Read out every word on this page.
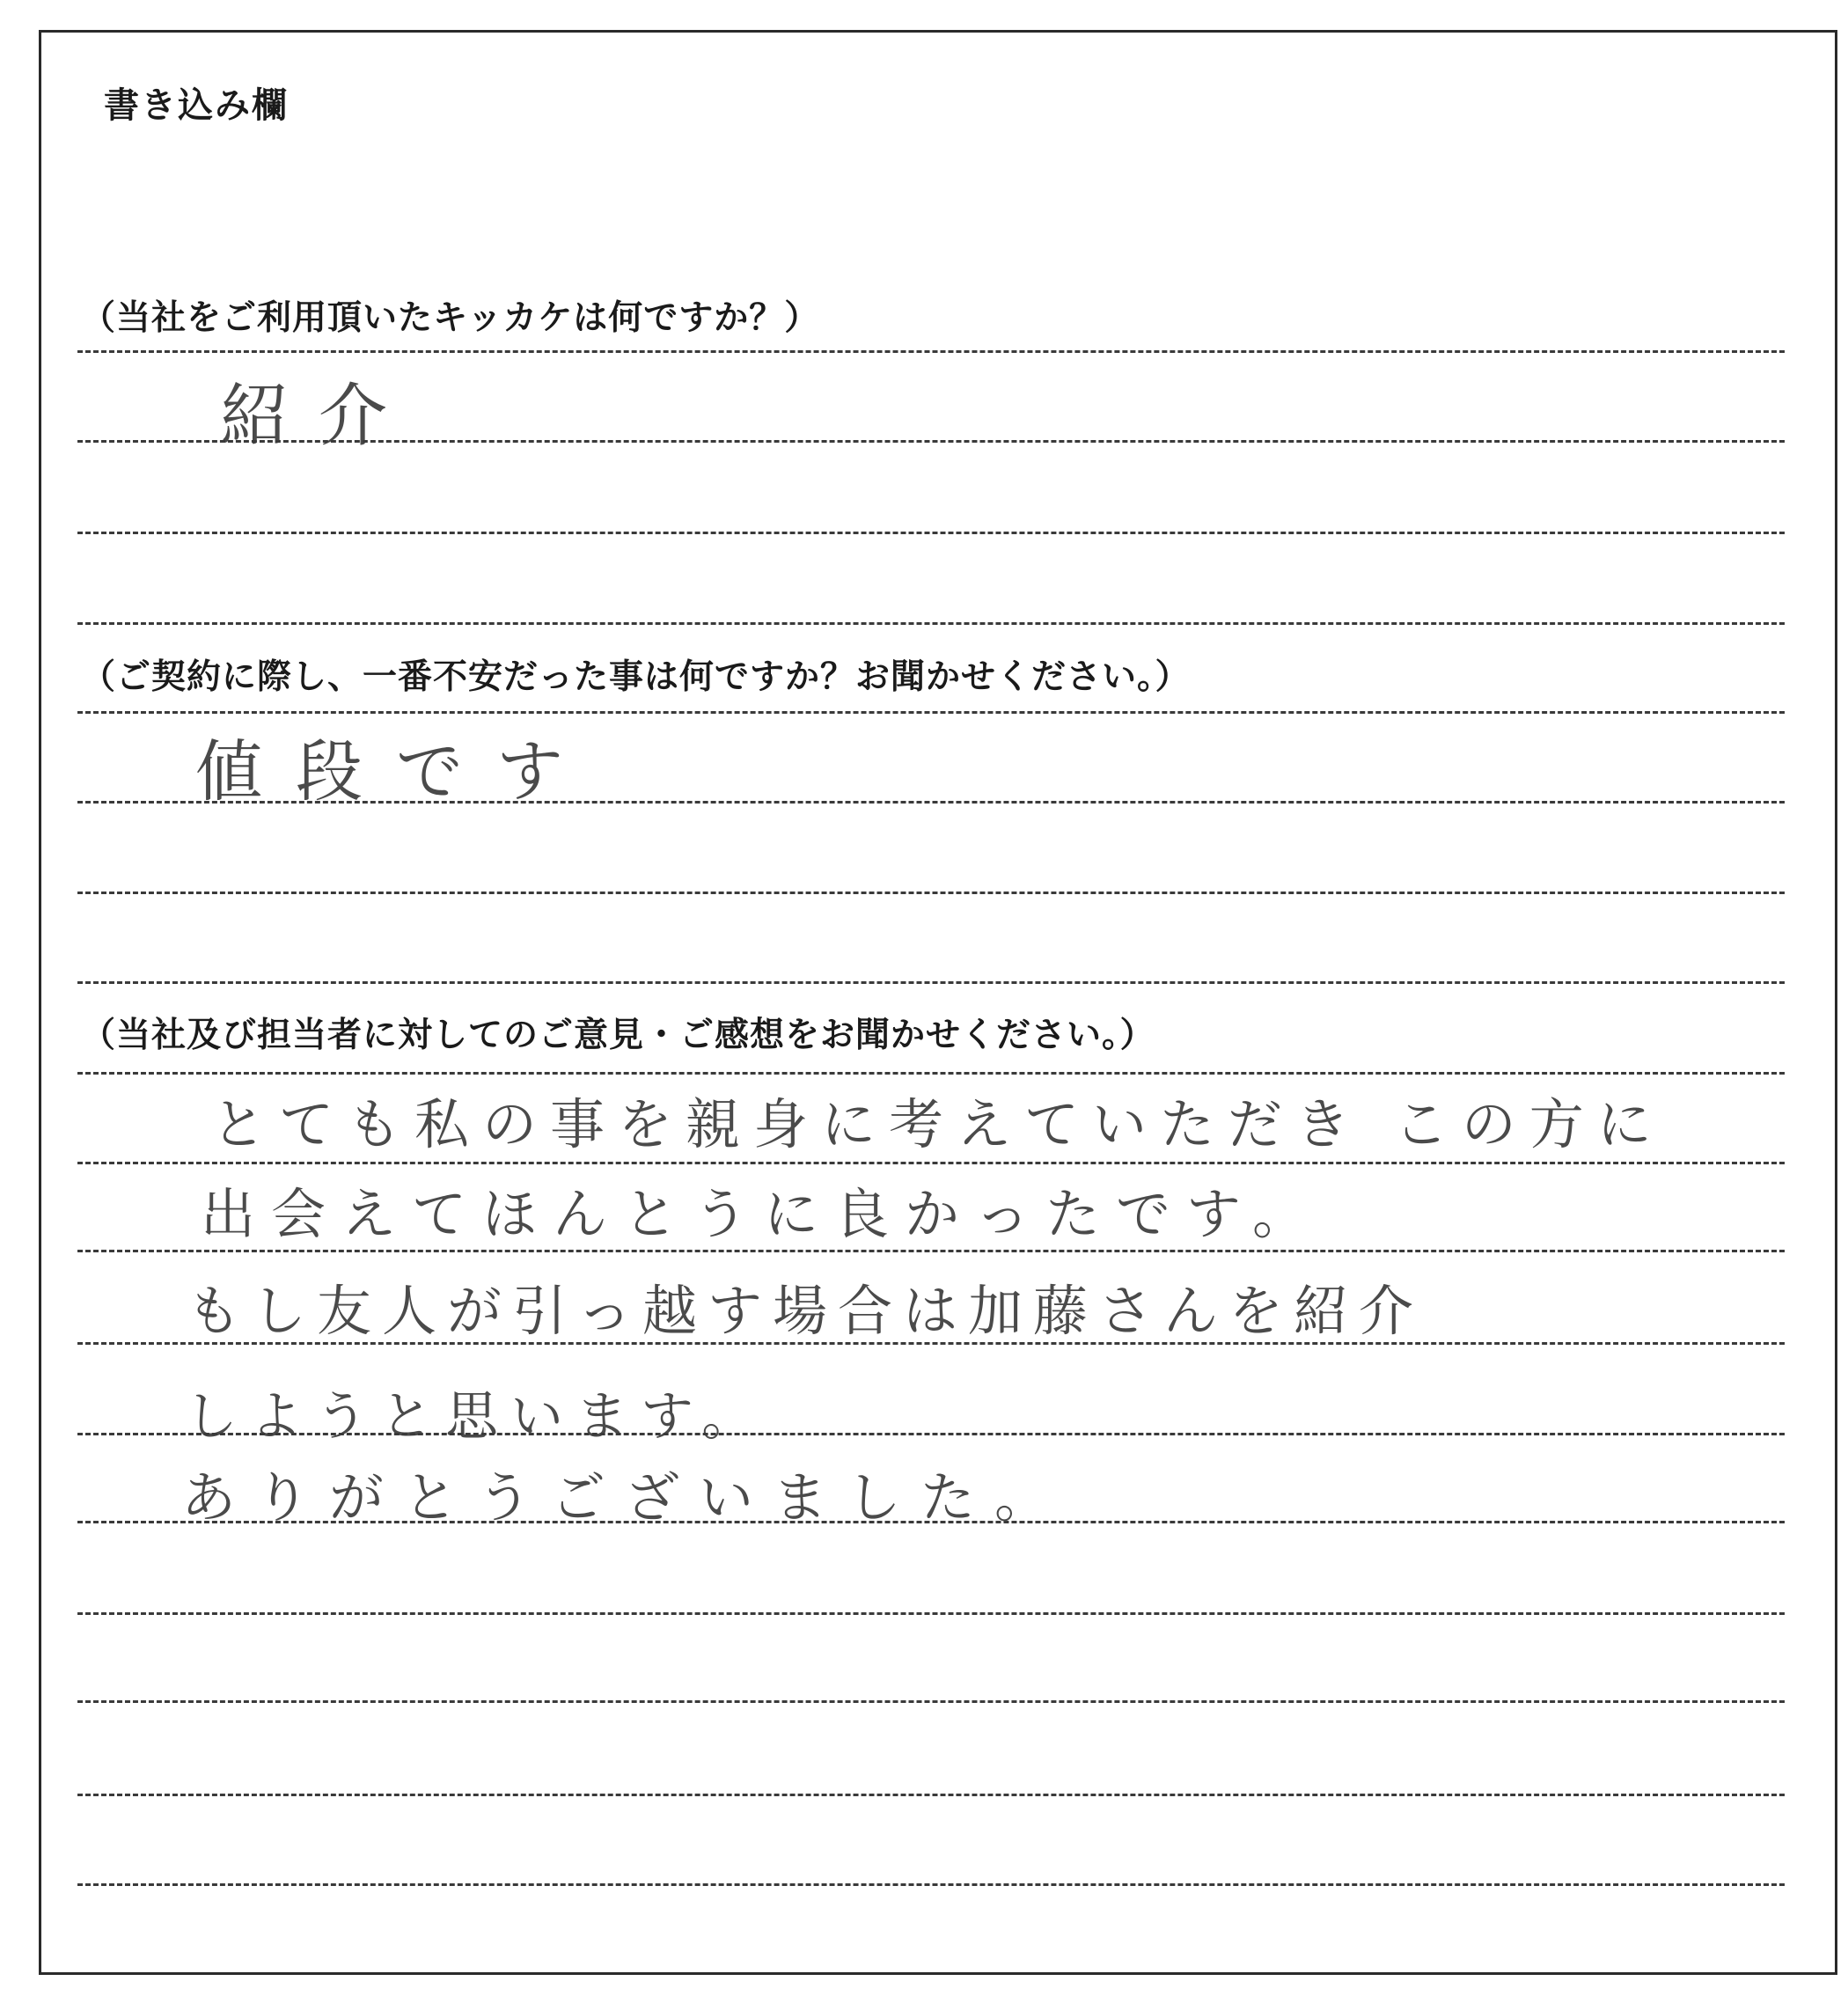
書き込み欄
（当社をご利用頂いたキッカケは何ですか？）
紹介
（ご契約に際し、一番不安だった事は何ですか？お聞かせください。）
値段です
（当社及び担当者に対してのご意見・ご感想をお聞かせください。）
とても私の事を親身に考えていただき この方に
出会えてほんとうに良かったです。
もし友人が引っ越す場合は加藤さんを紹介
しようと思います。
ありがとうございました。
